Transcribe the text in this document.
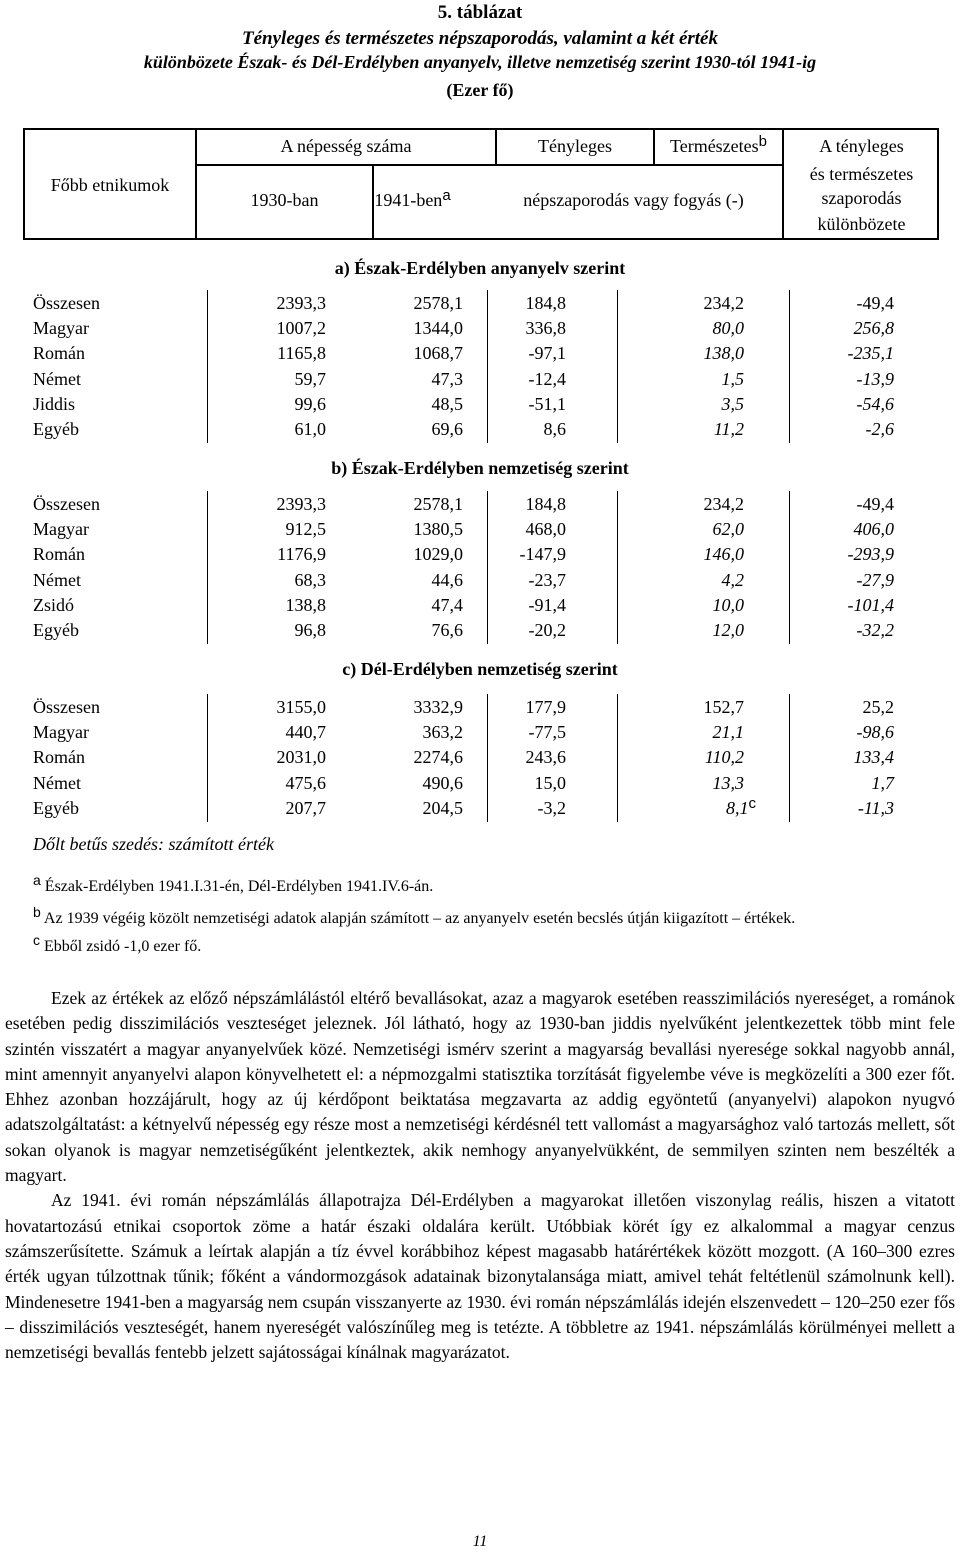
5. táblázat
Tényleges és természetes népszaporodás, valamint a két érték
különbözete Észak- és Dél-Erdélyben anyanyelv, illetve nemzetiség szerint 1930-tól 1941-ig
(Ezer fő)
Főbb etnikumok
A népesség száma	Tényleges	Természetes$^b$	A tényleges
és természetes
szaporodás
különbözete
1930-ban	1941-ben$^a$	népszaporodás vagy fogyás (-)
a) Észak-Erdélyben anyanyelv szerint
Összesen	2393,3	2578,1	184,8	234,2	-49,4
Magyar	1007,2	1344,0	336,8	80,0	256,8
Román	1165,8	1068,7	-97,1	138,0	-235,1
Német	59,7	47,3	-12,4	1,5	-13,9
Jiddis	99,6	48,5	-51,1	3,5	-54,6
Egyéb	61,0	69,6	8,6	11,2	-2,6
b) Észak-Erdélyben nemzetiség szerint
Összesen	2393,3	2578,1	184,8	234,2	-49,4
Magyar	912,5	1380,5	468,0	62,0	406,0
Román	1176,9	1029,0	-147,9	146,0	-293,9
Német	68,3	44,6	-23,7	4,2	-27,9
Zsidó	138,8	47,4	-91,4	10,0	-101,4
Egyéb	96,8	76,6	-20,2	12,0	-32,2
c) Dél-Erdélyben nemzetiség szerint
Összesen	3155,0	3332,9	177,9	152,7	25,2
Magyar	440,7	363,2	-77,5	21,1	-98,6
Román	2031,0	2274,6	243,6	110,2	133,4
Német	475,6	490,6	15,0	13,3	1,7
Egyéb	207,7	204,5	-3,2	8,1$^c$	-11,3
Dőlt betűs szedés: számított érték
$^a$ Észak-Erdélyben 1941.I.31-én, Dél-Erdélyben 1941.IV.6-án.
$^b$ Az 1939 végéig közölt nemzetiségi adatok alapján számított – az anyanyelv esetén becslés útján kiigazított – értékek.
$^c$ Ebből zsidó -1,0 ezer fő.

Ezek az értékek az előző népszámlálástól eltérő bevallásokat, azaz a magyarok esetében reasszimilációs nyereséget, a románok esetében pedig disszimilációs veszteséget jeleznek. Jól látható, hogy az 1930-ban jiddis nyelvűként jelentkezettek több mint fele szintén visszatért a magyar anyanyelvűek közé. Nemzetiségi ismérv szerint a magyarság bevallási nyeresége sokkal nagyobb annál, mint amennyit anyanyelvi alapon könyvelhetett el: a népmozgalmi statisztika torzítását figyelembe véve is megközelíti a 300 ezer főt. Ehhez azonban hozzájárult, hogy az új kérdőpont beiktatása megzavarta az addig egyöntetű (anyanyelvi) alapokon nyugvó adatszolgáltatást: a kétnyelvű népesség egy része most a nemzetiségi kérdésnél tett vallomást a magyarsághoz való tartozás mellett, sőt sokan olyanok is magyar nemzetiségűként jelentkeztek, akik nemhogy anyanyelvükként, de semmilyen szinten nem beszélték a magyart.

Az 1941. évi román népszámlálás állapotrajza Dél-Erdélyben a magyarokat illetően viszonylag reális, hiszen a vitatott hovatartozású etnikai csoportok zöme a határ északi oldalára került. Utóbbiak körét így ez alkalommal a magyar cenzus számszerűsítette. Számuk a leírtak alapján a tíz évvel korábbihoz képest magasabb határértékek között mozgott. (A 160–300 ezres érték ugyan túlzottnak tűnik; főként a vándormozgások adatainak bizonytalansága miatt, amivel tehát feltétlenül számolnunk kell). Mindenesetre 1941-ben a magyarság nem csupán visszanyerte az 1930. évi román népszámlálás idején elszenvedett – 120–250 ezer fős – disszimilációs veszteségét, hanem nyereségét valószínűleg meg is tetézte. A többletre az 1941. népszámlálás körülményei mellett a nemzetiségi bevallás fentebb jelzett sajátosságai kínálnak magyarázatot.

11
